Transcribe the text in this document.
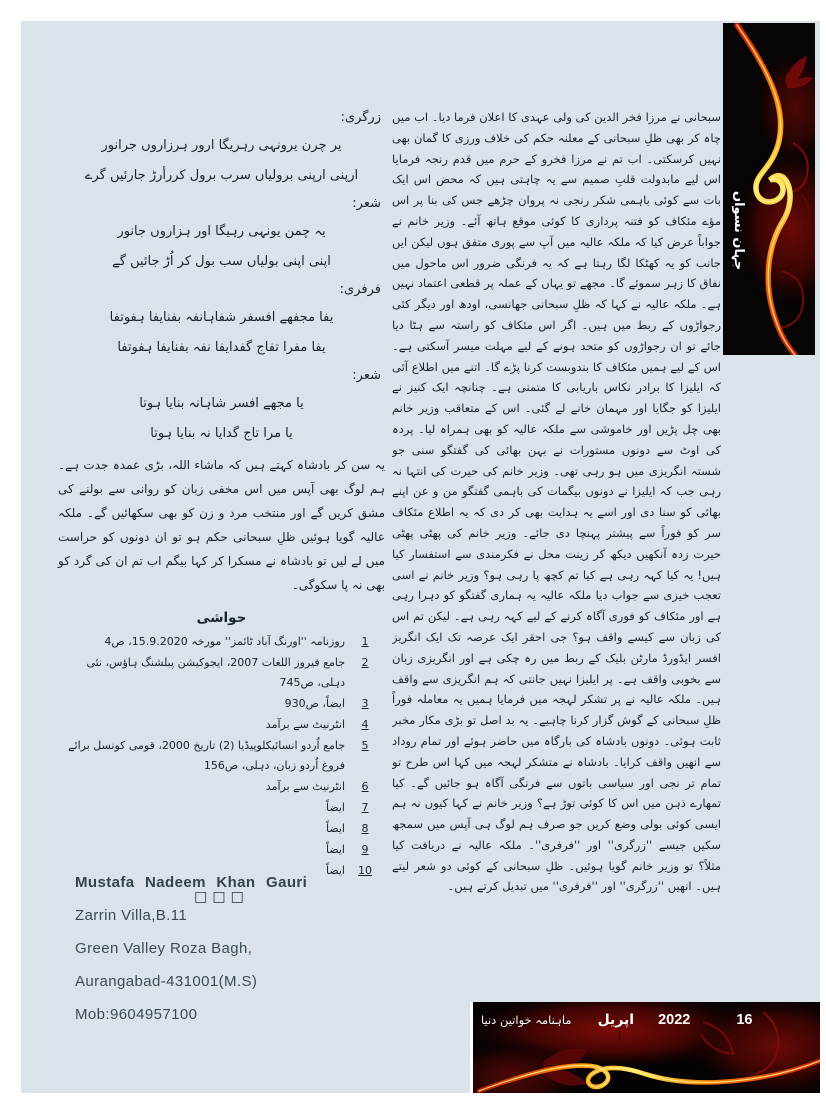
جہان نسواں
سبحانی نے مرزا فخر الدین کی ولی عہدی کا اعلان فرما دیا۔ اب میں چاہ کر بھی ظلِ سبحانی کے معلنہ حکم کی خلاف ورزی کا گمان بھی نہیں کرسکتی۔ اب تم نے مرزا فخرو کے حرم میں قدم رنجہ فرمایا اس لیے مابدولت قلبِ صمیم سے یہ چاہتی ہیں کہ محض اس ایک بات سے کوئی باہمی شکر رنجی نہ پروان چڑھے جس کی بنا پر اس مؤے مئکاف کو فتنہ پردازی کا کوئی موقع ہاتھ آئے۔ وزیر خانم نے جواباً عرض کیا کہ ملکہ عالیہ میں آپ سے پوری متفق ہوں لیکن ایں جانب کو یہ کھٹکا لگا رہتا ہے کہ یہ فرنگی ضرور اس ماحول میں نفاق کا زہر سموئے گا۔ مجھے تو یہاں کے عملہ پر قطعی اعتماد نہیں ہے۔ ملکہ عالیہ نے کہا کہ ظلِ سبحانی جھانسی، اودھ اور دیگر کئی رجواڑوں کے ربط میں ہیں۔ اگر اس مئکاف کو راستہ سے ہٹا دیا جائے تو ان رجواڑوں کو متحد ہونے کے لیے مہلت میسر آسکتی ہے۔ اس کے لیے ہمیں مئکاف کا بندوبست کرنا پڑے گا۔ اتنے میں اطلاع آئی کہ ایلیزا کا برادر نکاس باریابی کا متمنی ہے۔ چنانچہ ایک کنیز نے ایلیزا کو جگایا اور مہمان خانے لے گئی۔ اس کے متعاقب وزیر خانم بھی چل پڑیں اور خاموشی سے ملکہ عالیہ کو بھی ہمراہ لیا۔ پردہ کی اوٹ سے دونوں مستورات نے بہن بھائی کی گفتگو سنی جو شستہ انگریزی میں ہو رہی تھی۔ وزیر خانم کی حیرت کی انتہا نہ رہی جب کہ ایلیزا نے دونوں بیگمات کی باہمی گفتگو من و عن اپنے بھائی کو سنا دی اور اسے یہ ہدایت بھی کر دی کہ یہ اطلاع مئکاف سر کو فوراً سے پیشتر پہنچا دی جائے۔ وزیر خانم کی پھٹی پھٹی حیرت زدہ آنکھیں دیکھ کر زینت محل نے فکرمندی سے استفسار کیا ہیں! یہ کیا کہہ رہی ہے کیا تم کچھ پا رہی ہو؟ وزیر خانم نے اسی تعجب خیزی سے جواب دیا ملکہ عالیہ یہ ہماری گفتگو کو دہرا رہی ہے اور مئکاف کو فوری آگاہ کرنے کے لیے کہہ رہی ہے۔ لیکن تم اس کی زبان سے کیسے واقف ہو؟ جی احقر ایک عرصہ تک ایک انگریز افسر ایڈورڈ مارٹن بلیک کے ربط میں رہ چکی ہے اور انگریزی زبان سے بخوبی واقف ہے۔ پر ایلیزا نہیں جانتی کہ ہم انگریزی سے واقف ہیں۔ ملکہ عالیہ نے پر تشکر لہجہ میں فرمایا ہمیں یہ معاملہ فوراً ظلِ سبحانی کے گوش گزار کرنا چاہیے۔ یہ بد اصل تو بڑی مکار مخبر ثابت ہوئی۔ دونوں بادشاہ کی بارگاہ میں حاضر ہوئے اور تمام روداد سے انھیں واقف کرایا۔ بادشاہ نے متشکر لہجہ میں کہا اس طرح تو تمام تر نجی اور سیاسی باتوں سے فرنگی آگاہ ہو جائیں گے۔ کیا تمھارے ذہن میں اس کا کوئی توڑ ہے؟ وزیر خانم نے کہا کیوں نہ ہم ایسی کوئی بولی وضع کریں جو صرف ہم لوگ ہی آپس میں سمجھ سکیں جیسے ''زرگری'' اور ''فرفری''۔ ملکہ عالیہ نے دریافت کیا مثلاً؟ تو وزیر خانم گویا ہوئیں۔ ظلِ سبحانی کے کوئی دو شعر لیتے ہیں۔ انھیں ''زرگری'' اور ''فرفری'' میں تبدیل کرتے ہیں۔
زرگری:
یر چرن یرونہی رہریگا ارور ہرزاروں جرانور
ارپنی ارپنی برولیاں سرب برول کررأرڑ جارئیں گرے
شعر:
یہ چمن یونہی رہیگا اور ہزاروں جانور
اپنی اپنی بولیاں سب بول کر اُڑ جائیں گے
فرفری:
یفا مجفھے افسفر شفاہانفہ بفنایفا ہفوتفا
یفا مفرا تفاج گفدایفا نفہ بفنایفا ہفوتفا
شعر:
یا مجھے افسر شاہانہ بنایا ہوتا
یا مرا تاج گدایا نہ بنایا ہوتا
یہ سن کر بادشاہ کہتے ہیں کہ ماشاء اللہ، بڑی عمدہ جدت ہے۔ ہم لوگ بھی آپس میں اس مخفی زبان کو روانی سے بولنے کی مشق کریں گے اور منتخب مرد و زن کو بھی سکھائیں گے۔ ملکہ عالیہ گویا ہوئیں ظلِ سبحانی حکم ہو تو ان دونوں کو حراست میں لے لیں تو بادشاہ نے مسکرا کر کہا بیگم اب تم ان کی گرد کو بھی نہ پا سکوگی۔
حواشی
1
روزنامہ ''اورنگ آباد ٹائمز'' مورخہ 15.9.2020، ص4
2
جامع فیروز اللغات 2007، ایجوکیشن پبلشنگ ہاؤس، نئی دہلی، ص745
3
ایضاً، ص930
4
انٹرنیٹ سے برآمد
5
جامع اُردو انسائیکلوپیڈیا (2) تاریخ 2000، قومی کونسل برائے فروغ اُردو زبان، دہلی، ص156
6
انٹرنیٹ سے برآمد
7
ایضاً
8
ایضاً
9
ایضاً
10
ایضاً
□□□
Mustafa Nadeem Khan Gauri
Zarrin Villa,B.11
Green Valley Roza Bagh,
Aurangabad-431001(M.S)
Mob:9604957100	ماہنامہ خواتین دنیا اپریل 2022	16
